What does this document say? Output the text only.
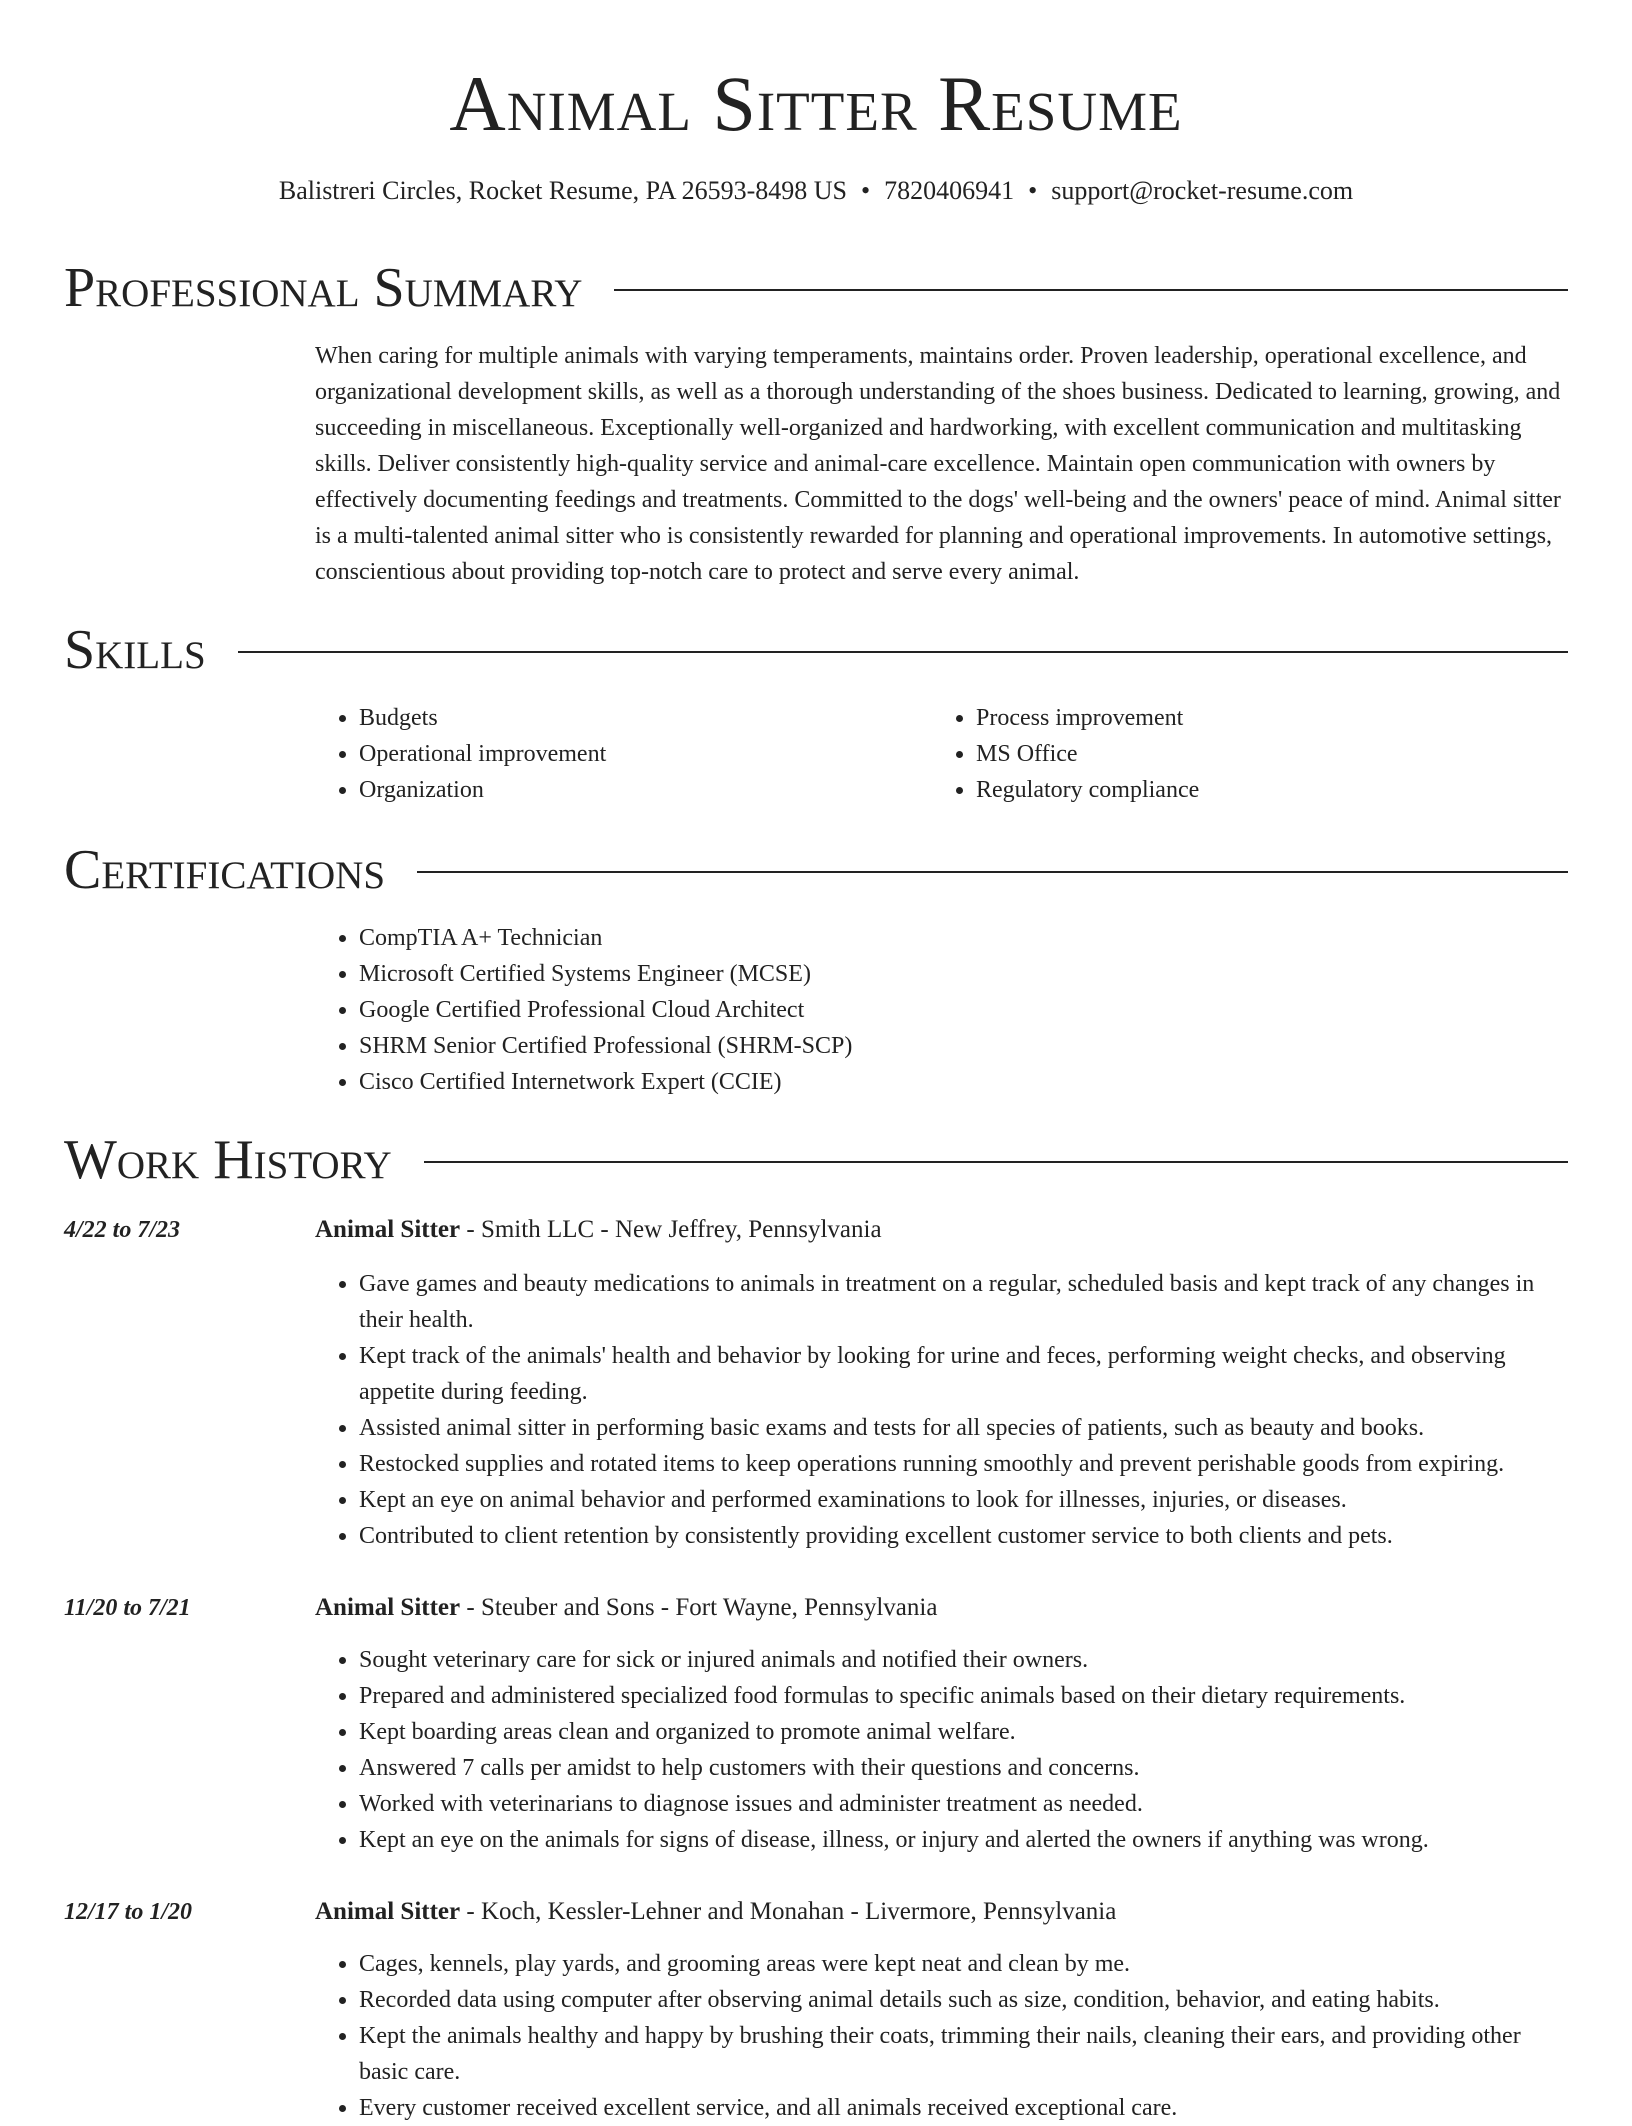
Animal Sitter Resume
Balistreri Circles, Rocket Resume, PA 26593-8498 US • 7820406941 • support@rocket-resume.com
Professional Summary

When caring for multiple animals with varying temperaments, maintains order. Proven leadership, operational excellence, and organizational development skills, as well as a thorough understanding of the shoes business. Dedicated to learning, growing, and succeeding in miscellaneous. Exceptionally well-organized and hardworking, with excellent communication and multitasking skills. Deliver consistently high-quality service and animal-care excellence. Maintain open communication with owners by effectively documenting feedings and treatments. Committed to the dogs' well-being and the owners' peace of mind. Animal sitter is a multi-talented animal sitter who is consistently rewarded for planning and operational improvements. In automotive settings, conscientious about providing top-notch care to protect and serve every animal.

Skills
• Budgets
• Operational improvement
• Organization
• Process improvement
• MS Office
• Regulatory compliance
Certifications
• CompTIA A+ Technician
• Microsoft Certified Systems Engineer (MCSE)
• Google Certified Professional Cloud Architect
• SHRM Senior Certified Professional (SHRM-SCP)
• Cisco Certified Internetwork Expert (CCIE)
Work History
4/22 to 7/23	Animal Sitter - Smith LLC - New Jeffrey, Pennsylvania
• Gave games and beauty medications to animals in treatment on a regular, scheduled basis and kept track of any changes in their health.
• Kept track of the animals' health and behavior by looking for urine and feces, performing weight checks, and observing appetite during feeding.
• Assisted animal sitter in performing basic exams and tests for all species of patients, such as beauty and books.
• Restocked supplies and rotated items to keep operations running smoothly and prevent perishable goods from expiring.
• Kept an eye on animal behavior and performed examinations to look for illnesses, injuries, or diseases.
• Contributed to client retention by consistently providing excellent customer service to both clients and pets.
11/20 to 7/21	Animal Sitter - Steuber and Sons - Fort Wayne, Pennsylvania
• Sought veterinary care for sick or injured animals and notified their owners.
• Prepared and administered specialized food formulas to specific animals based on their dietary requirements.
• Kept boarding areas clean and organized to promote animal welfare.
• Answered 7 calls per amidst to help customers with their questions and concerns.
• Worked with veterinarians to diagnose issues and administer treatment as needed.
• Kept an eye on the animals for signs of disease, illness, or injury and alerted the owners if anything was wrong.
12/17 to 1/20	Animal Sitter - Koch, Kessler-Lehner and Monahan - Livermore, Pennsylvania
• Cages, kennels, play yards, and grooming areas were kept neat and clean by me.
• Recorded data using computer after observing animal details such as size, condition, behavior, and eating habits.
• Kept the animals healthy and happy by brushing their coats, trimming their nails, cleaning their ears, and providing other basic care.
• Every customer received excellent service, and all animals received exceptional care.
